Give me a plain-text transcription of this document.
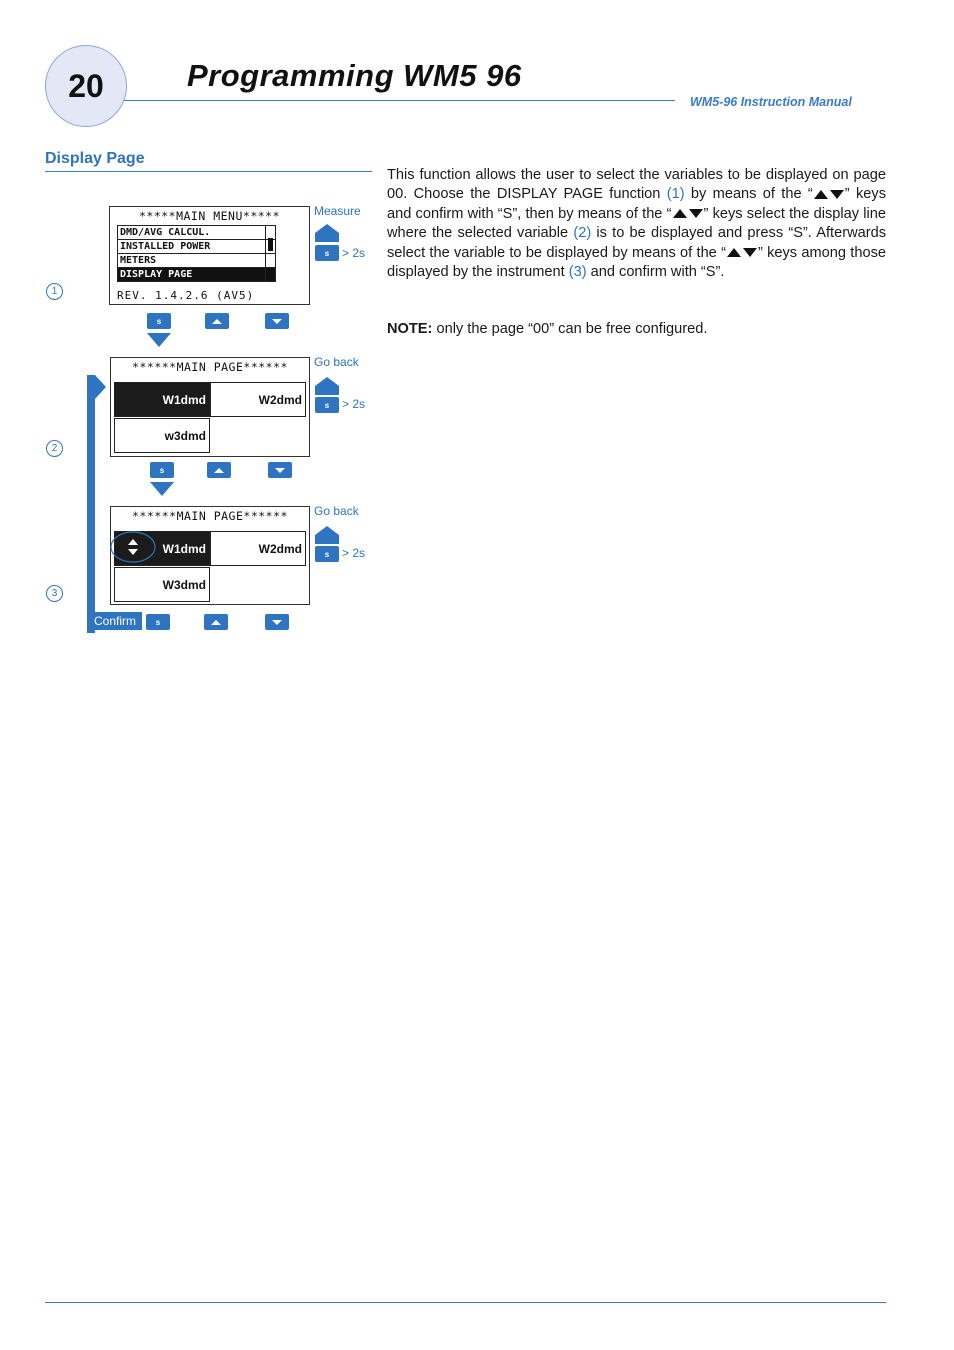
20	Programming WM5 96
WM5-96 Instruction Manual
Display Page
This function allows the user to select the variables to be displayed on page 00. Choose the DISPLAY PAGE function (1) by means of the “ ” keys and confirm with “S”, then by means of the “ ” keys select the display line where the selected variable (2) is to be displayed and press “S”. Afterwards select the variable to be displayed by means of the “ ” keys among those displayed by the instrument (3) and confirm with “S”.
NOTE: only the page “00” can be free configured.
Confirm
1
*****MAIN MENU*****
DMD/AVG CALCUL.
INSTALLED POWER
METERS
DISPLAY PAGE
REV. 1.4.2.6 (AV5)
Measure
s > 2s
s
2
******MAIN PAGE******
W1dmd	W2dmd
w3dmd
Go back
s > 2s
s
3
******MAIN PAGE******
W1dmd	W2dmd
W3dmd
Go back
s > 2s
s
